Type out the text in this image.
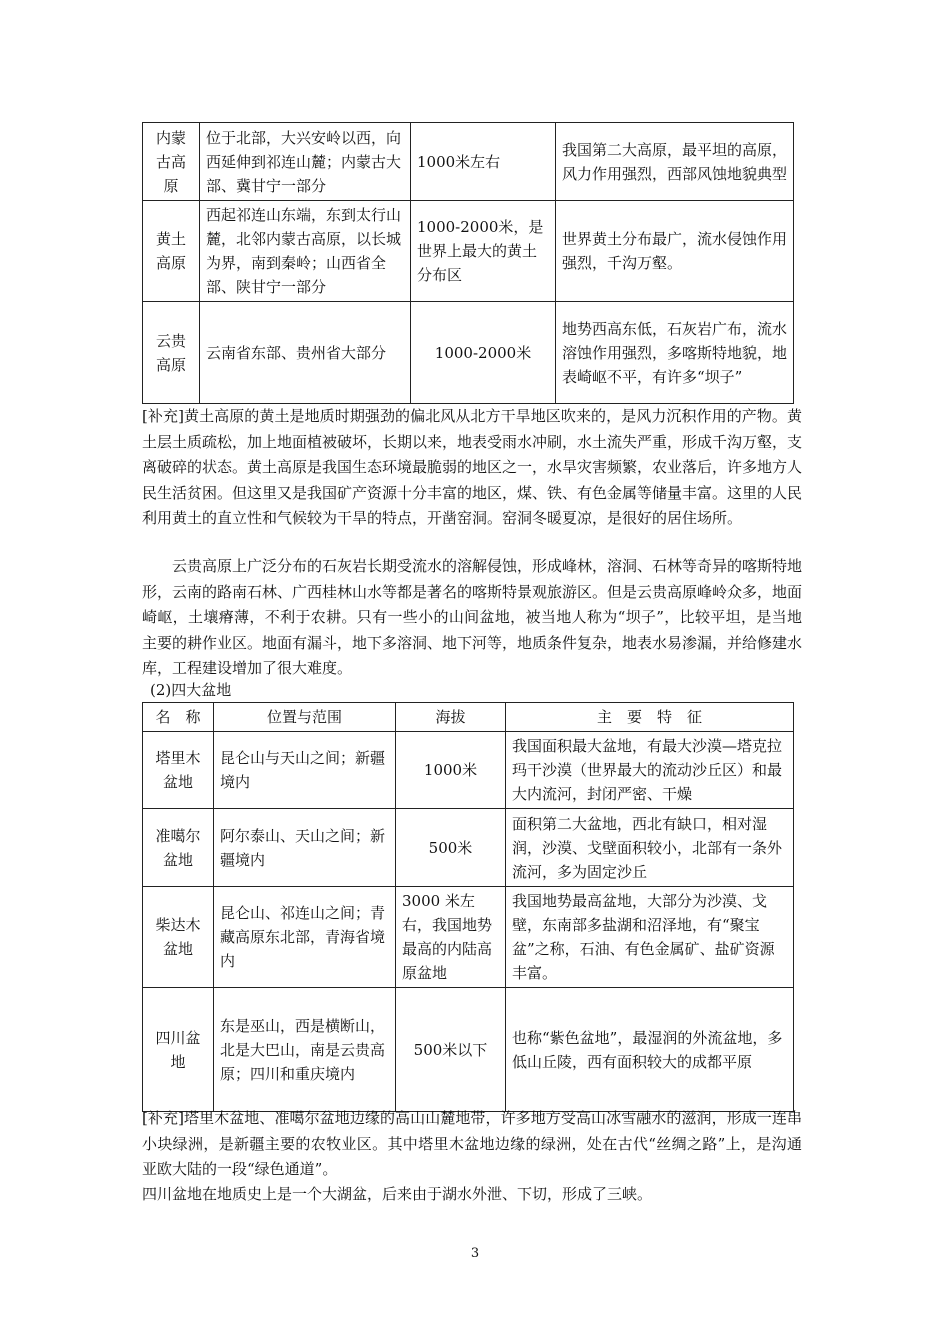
内蒙古高原	位于北部，大兴安岭以西，向西延伸到祁连山麓；内蒙古大部、冀甘宁一部分	1000米左右	我国第二大高原，最平坦的高原，风力作用强烈，西部风蚀地貌典型
黄土高原	西起祁连山东端，东到太行山麓，北邻内蒙古高原，以长城为界，南到秦岭；山西省全部、陕甘宁一部分	1000-2000米，是世界上最大的黄土分布区	世界黄土分布最广，流水侵蚀作用强烈，千沟万壑。
云贵高原	云南省东部、贵州省大部分	1000-2000米	地势西高东低，石灰岩广布，流水溶蚀作用强烈，多喀斯特地貌，地表崎岖不平，有许多“坝子”

[补充]黄土高原的黄土是地质时期强劲的偏北风从北方干旱地区吹来的，是风力沉积作用的产物。黄土层土质疏松，加上地面植被破坏，长期以来，地表受雨水冲刷，水土流失严重，形成千沟万壑，支离破碎的状态。黄土高原是我国生态环境最脆弱的地区之一，水旱灾害频繁，农业落后，许多地方人民生活贫困。但这里又是我国矿产资源十分丰富的地区，煤、铁、有色金属等储量丰富。这里的人民利用黄土的直立性和气候较为干旱的特点，开凿窑洞。窑洞冬暖夏凉，是很好的居住场所。

云贵高原上广泛分布的石灰岩长期受流水的溶解侵蚀，形成峰林，溶洞、石林等奇异的喀斯特地形，云南的路南石林、广西桂林山水等都是著名的喀斯特景观旅游区。但是云贵高原峰岭众多，地面崎岖，土壤瘠薄，不利于农耕。只有一些小的山间盆地，被当地人称为“坝子”，比较平坦，是当地主要的耕作业区。地面有漏斗，地下多溶洞、地下河等，地质条件复杂，地表水易渗漏，并给修建水库，工程建设增加了很大难度。

(2)四大盆地
名　称	位置与范围	海拔	主　要　特　征
塔里木盆地	昆仑山与天山之间；新疆境内	1000米	我国面积最大盆地，有最大沙漠—塔克拉玛干沙漠（世界最大的流动沙丘区）和最大内流河，封闭严密、干燥
准噶尔盆地	阿尔泰山、天山之间；新疆境内	500米	面积第二大盆地，西北有缺口，相对湿润，沙漠、戈壁面积较小，北部有一条外流河，多为固定沙丘
柴达木盆地	昆仑山、祁连山之间；青藏高原东北部，青海省境内	3000 米左右，我国地势最高的内陆高原盆地	我国地势最高盆地，大部分为沙漠、戈壁，东南部多盐湖和沼泽地，有“聚宝盆”之称，石油、有色金属矿、盐矿资源丰富。
四川盆地	东是巫山，西是横断山，北是大巴山，南是云贵高原；四川和重庆境内	500米以下	也称“紫色盆地”，最湿润的外流盆地，多低山丘陵，西有面积较大的成都平原

[补充]塔里木盆地、准噶尔盆地边缘的高山山麓地带，许多地方受高山冰雪融水的滋润，形成一连串小块绿洲，是新疆主要的农牧业区。其中塔里木盆地边缘的绿洲，处在古代“丝绸之路”上，是沟通亚欧大陆的一段“绿色通道”。

四川盆地在地质史上是一个大湖盆，后来由于湖水外泄、下切，形成了三峡。

3
